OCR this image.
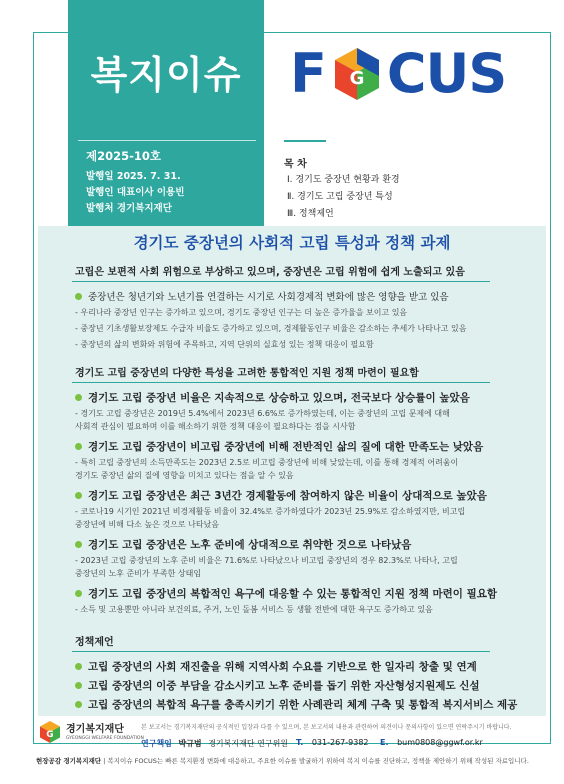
복지이슈
제2025-10호
발행일 2025. 7. 31.
발행인 대표이사 이용빈
발행처 경기복지재단
F G CUS
목 차
Ⅰ. 경기도 중장년 현황과 환경
Ⅱ. 경기도 고립 중장년 특성
Ⅲ. 정책제언
경기도 중장년의 사회적 고립 특성과 정책 과제
고립은 보편적 사회 위험으로 부상하고 있으며, 중장년은 고립 위험에 쉽게 노출되고 있음
중장년은 청년기와 노년기를 연결하는 시기로 사회경제적 변화에 많은 영향을 받고 있음
- 우리나라 중장년 인구는 증가하고 있으며, 경기도 중장년 인구는 더 높은 증가율을 보이고 있음
- 중장년 기초생활보장제도 수급자 비율도 증가하고 있으며, 경제활동인구 비율은 감소하는 추세가 나타나고 있음
- 중장년의 삶의 변화와 위험에 주목하고, 지역 단위의 실효성 있는 정책 대응이 필요함
경기도 고립 중장년의 다양한 특성을 고려한 통합적인 지원 정책 마련이 필요함
경기도 고립 중장년 비율은 지속적으로 상승하고 있으며, 전국보다 상승률이 높았음
- 경기도 고립 중장년은 2019년 5.4%에서 2023년 6.6%로 증가하였는데, 이는 중장년의 고립 문제에 대해
사회적 관심이 필요하며 이를 해소하기 위한 정책 대응이 필요하다는 점을 시사함
경기도 고립 중장년이 비고립 중장년에 비해 전반적인 삶의 질에 대한 만족도는 낮았음
- 특히 고립 중장년의 소득만족도는 2023년 2.5로 비고립 중장년에 비해 낮았는데, 이를 통해 경제적 어려움이
경기도 중장년 삶의 질에 영향을 미치고 있다는 점을 알 수 있음
경기도 고립 중장년은 최근 3년간 경제활동에 참여하지 않은 비율이 상대적으로 높았음
- 코로나19 시기인 2021년 비경제활동 비율이 32.4%로 증가하였다가 2023년 25.9%로 감소하였지만, 비고립
중장년에 비해 다소 높은 것으로 나타났음
경기도 고립 중장년은 노후 준비에 상대적으로 취약한 것으로 나타났음
- 2023년 고립 중장년의 노후 준비 비율은 71.6%로 나타났으나 비고립 중장년의 경우 82.3%로 나타나, 고립
중장년의 노후 준비가 부족한 상태임
경기도 고립 중장년의 복합적인 욕구에 대응할 수 있는 통합적인 지원 정책 마련이 필요함
- 소득 및 고용뿐만 아니라 보건의료, 주거, 노인 돌봄 서비스 등 생활 전반에 대한 욕구도 증가하고 있음
정책제언
고립 중장년의 사회 재진출을 위해 지역사회 수요를 기반으로 한 일자리 창출 및 연계
고립 중장년의 이중 부담을 감소시키고 노후 준비를 돕기 위한 자산형성지원제도 신설
고립 중장년의 복합적 욕구를 충족시키기 위한 사례관리 체계 구축 및 통합적 복지서비스 제공
G
경기복지재단
GYEONGGI WELFARE FOUNDATION
본 보고서는 경기복지재단의 공식적인 입장과 다를 수 있으며, 본 보고서의 내용과 관련하여 의견이나 문의사항이 있으면 연락주시기 바랍니다.
연구책임 박규범 경기복지재단 연구위원 T. 031-267-9382 E. bum0808@ggwf.or.kr
현장공감 경기복지재단 | 복지이슈 FOCUS는 빠른 복지환경 변화에 대응하고, 주요한 이슈를 발굴하기 위하여 복지 이슈를 진단하고, 정책을 제안하기 위해 작성된 자료입니다.
